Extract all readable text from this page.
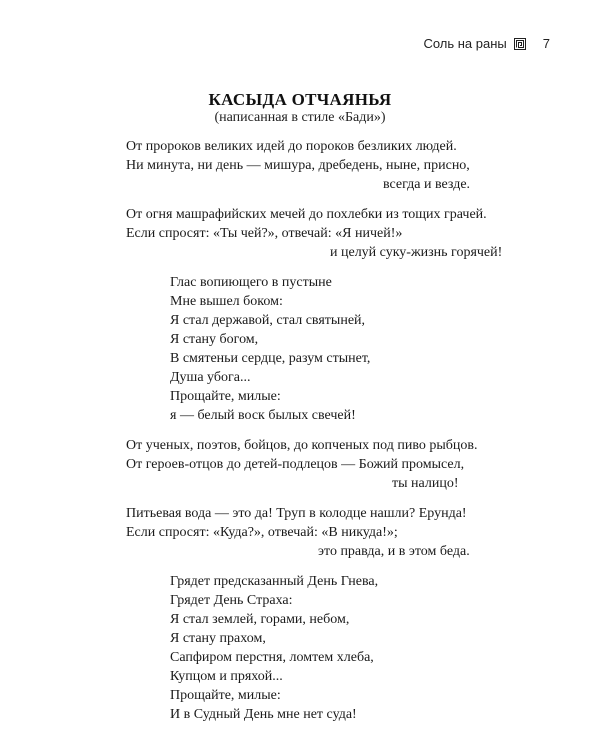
Соль на раны	7
КАСЫДА ОТЧАЯНЬЯ
(написанная в стиле «Бади»)
От пророков великих идей до пороков безликих людей.
Ни минута, ни день — мишура, дребедень, ныне, присно,
всегда и везде.
От огня машрафийских мечей до похлебки из тощих грачей.
Если спросят: «Ты чей?», отвечай: «Я ничей!»
и целуй суку-жизнь горячей!
Глас вопиющего в пустыне
Мне вышел боком:
Я стал державой, стал святыней,
Я стану богом,
В смятеньи сердце, разум стынет,
Душа убога...
Прощайте, милые:
я — белый воск былых свечей!
От ученых, поэтов, бойцов, до копченых под пиво рыбцов.
От героев-отцов до детей-подлецов — Божий промысел,
ты налицо!
Питьевая вода — это да! Труп в колодце нашли? Ерунда!
Если спросят: «Куда?», отвечай: «В никуда!»;
это правда, и в этом беда.
Грядет предсказанный День Гнева,
Грядет День Страха:
Я стал землей, горами, небом,
Я стану прахом,
Сапфиром перстня, ломтем хлеба,
Купцом и пряхой...
Прощайте, милые:
И в Судный День мне нет суда!
